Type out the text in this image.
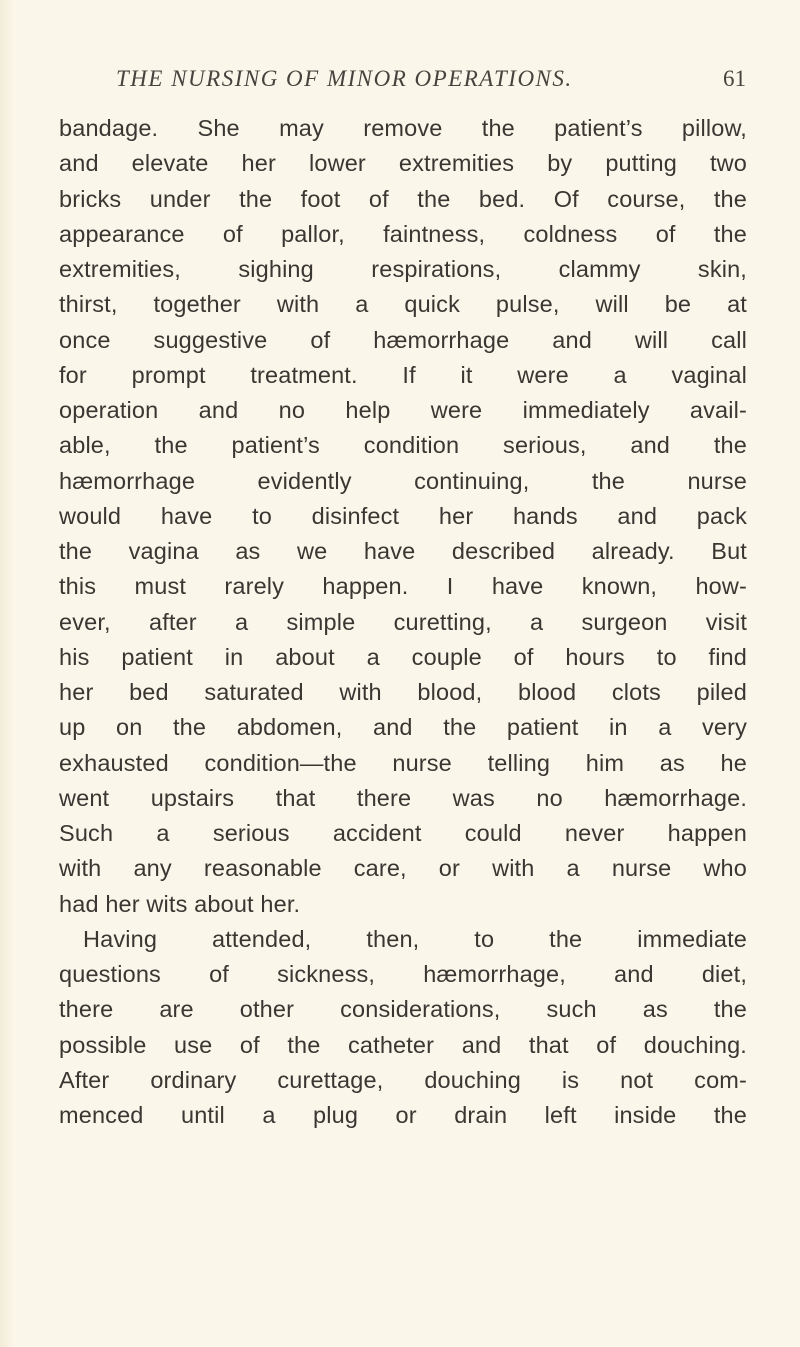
THE NURSING OF MINOR OPERATIONS.	61
bandage. She may remove the patient’s pillow,
and elevate her lower extremities by putting two
bricks under the foot of the bed. Of course, the
appearance of pallor, faintness, coldness of the
extremities, sighing respirations, clammy skin,
thirst, together with a quick pulse, will be at
once suggestive of hæmorrhage and will call
for prompt treatment. If it were a vaginal
operation and no help were immediately avail-
able, the patient’s condition serious, and the
hæmorrhage evidently continuing, the nurse
would have to disinfect her hands and pack
the vagina as we have described already. But
this must rarely happen. I have known, how-
ever, after a simple curetting, a surgeon visit
his patient in about a couple of hours to find
her bed saturated with blood, blood clots piled
up on the abdomen, and the patient in a very
exhausted condition—the nurse telling him as he
went upstairs that there was no hæmorrhage.
Such a serious accident could never happen
with any reasonable care, or with a nurse who
had her wits about her.
Having attended, then, to the immediate
questions of sickness, hæmorrhage, and diet,
there are other considerations, such as the
possible use of the catheter and that of douching.
After ordinary curettage, douching is not com-
menced until a plug or drain left inside the
